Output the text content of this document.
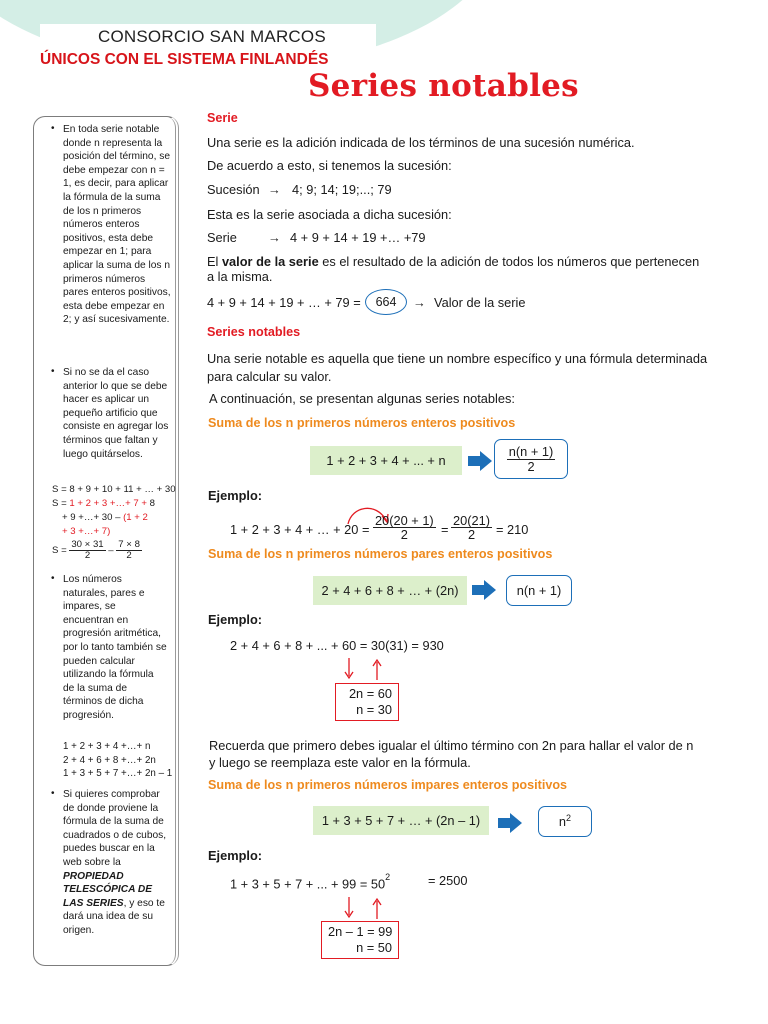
CONSORCIO SAN MARCOS
ÚNICOS CON EL SISTEMA FINLANDÉS
Series notables
• En toda serie notable donde n representa la posición del término, se debe empezar con n = 1, es decir, para aplicar la fórmula de la suma de los n primeros números enteros positivos, esta debe empezar en 1; para aplicar la suma de los n primeros números pares enteros positivos, esta debe empezar en 2; y así sucesivamente.
• Si no se da el caso anterior lo que se debe hacer es aplicar un pequeño artificio que consiste en agregar los términos que faltan y luego quitárselos.
S = 8 + 9 + 10 + 11 + … + 30
S = 1 + 2 + 3 +…+ 7 + 8
+ 9 +…+ 30 – (1 + 2
+ 3 +…+ 7)
$S = \frac{30 \times 31}{2} - \frac{7 \times 8}{2}$
• Los números naturales, pares e impares, se encuentran en progresión aritmética, por lo tanto también se pueden calcular utilizando la fórmula de la suma de términos de dicha progresión.
1 + 2 + 3 + 4 +…+ n
2 + 4 + 6 + 8 +…+ 2n
1 + 3 + 5 + 7 +…+ 2n – 1
• Si quieres comprobar de donde proviene la fórmula de la suma de cuadrados o de cubos, puedes buscar en la web sobre la PROPIEDAD TELESCÓPICA DE LAS SERIES, y eso te dará una idea de su origen.
Serie
Una serie es la adición indicada de los términos de una sucesión numérica.
De acuerdo a esto, si tenemos la sucesión:
Sucesión → 4; 9; 14; 19;...; 79
Esta es la serie asociada a dicha sucesión:
Serie → 4 + 9 + 14 + 19 +… +79
El valor de la serie es el resultado de la adición de todos los números que pertenecen
a la misma.
4 + 9 + 14 + 19 + … + 79 =	664	→ Valor de la serie
Series notables
Una serie notable es aquella que tiene un nombre específico y una fórmula determinada
para calcular su valor.
A continuación, se presentan algunas series notables:
Suma de los n primeros números enteros positivos
1 + 2 + 3 + 4 + ... + n	$\frac{n(n + 1)}{2}$
Ejemplo:
1 + 2 + 3 + 4 + … + $20 = \frac{20(20 + 1)}{2} = \frac{20(21)}{2} = 210$
Suma de los n primeros números pares enteros positivos
2 + 4 + 6 + 8 + … + (2n)	n(n + 1)
Ejemplo:
2 + 4 + 6 + 8 + ... + 60 = 30(31) = 930
2n = 60
n = 30
Recuerda que primero debes igualar el último término con 2n para hallar el valor de n
y luego se reemplaza este valor en la fórmula.
Suma de los n primeros números impares enteros positivos
1 + 3 + 5 + 7 + … + (2n – 1)	$n^2$
Ejemplo:
1 + 3 + 5 + 7 + ... + $99 = 50^2$	= 2500
2n – 1 = 99
n = 50
